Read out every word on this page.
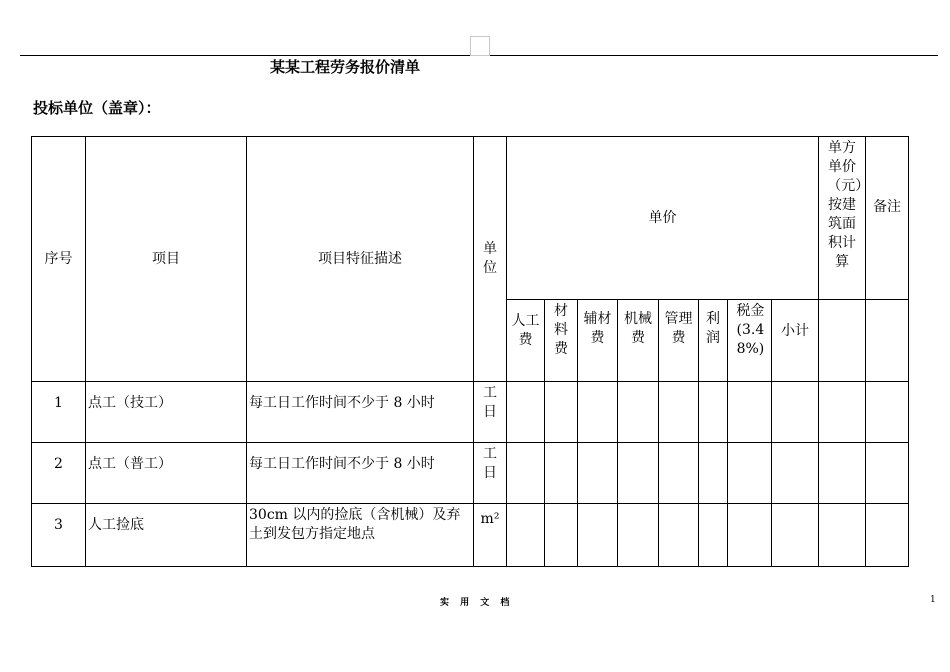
某某工程劳务报价清单
投标单位（盖章）：
序号	项目	项目特征描述	单位	单价								单方单价（元）按建筑面积计算	备注
				人工费	材料费	辅材费	机械费	管理费	利润	税金(3.48%)	小计		
1	点工（技工）	每工日工作时间不少于 8 小时	工日										
2	点工（普工）	每工日工作时间不少于 8 小时	工日										
3	人工捡底	30cm 以内的捡底（含机械）及弃土到发包方指定地点	m²										
实 用 文 档	1
